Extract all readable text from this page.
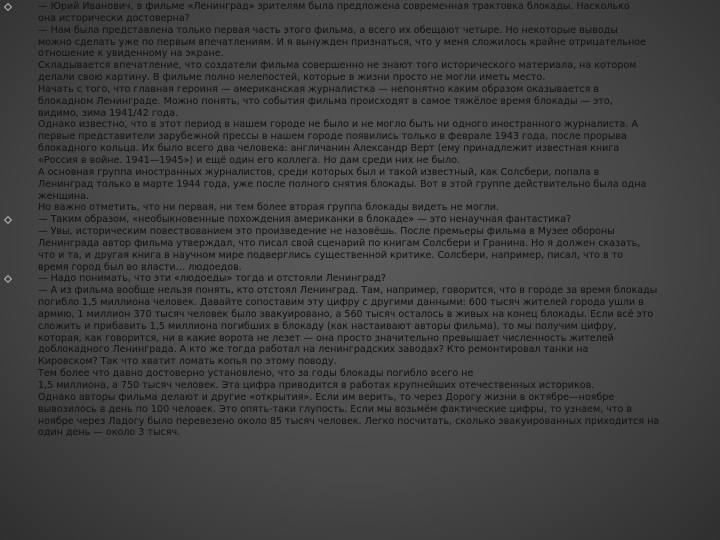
— Юрий Иванович, в фильме «Ленинград» зрителям была предложена современная трактовка блокады. Насколько
она исторически достоверна?
— Нам была представлена только первая часть этого фильма, а всего их обещают четыре. Но некоторые выводы
можно сделать уже по первым впечатлениям. И я вынужден признаться, что у меня сложилось крайне отрицательное
отношение к увиденному на экране.
Складывается впечатление, что создатели фильма совершенно не знают того исторического материала, на котором
делали свою картину. В фильме полно нелепостей, которые в жизни просто не могли иметь место.
Начать с того, что главная героиня — американская журналистка — непонятно каким образом оказывается в
блокадном Ленинграде. Можно понять, что события фильма происходят в самое тяжёлое время блокады — это,
видимо, зима 1941/42 года.
Однако известно, что в этот период в нашем городе не было и не могло быть ни одного иностранного журналиста. А
первые представители зарубежной прессы в нашем городе появились только в феврале 1943 года, после прорыва
блокадного кольца. Их было всего два человека: англичанин Александр Верт (ему принадлежит известная книга
«Россия в войне. 1941—1945») и ещё один его коллега. Но дам среди них не было.
А основная группа иностранных журналистов, среди которых был и такой известный, как Солсбери, попала в
Ленинград только в марте 1944 года, уже после полного снятия блокады. Вот в этой группе действительно была одна
женщина.
Но важно отметить, что ни первая, ни тем более вторая группа блокады видеть не могли.
— Таким образом, «необыкновенные похождения американки в блокаде» — это ненаучная фантастика?
— Увы, историческим повествованием это произведение не назовёшь. После премьеры фильма в Музее обороны
Ленинграда автор фильма утверждал, что писал свой сценарий по книгам Солсбери и Гранина. Но я должен сказать,
что и та, и другая книга в научном мире подверглись существенной критике. Солсбери, например, писал, что в то
время город был во власти… людоедов.
— Надо понимать, что эти «людоеды» тогда и отстояли Ленинград?
— А из фильма вообще нельзя понять, кто отстоял Ленинград. Там, например, говорится, что в городе за время блокады
погибло 1,5 миллиона человек. Давайте сопоставим эту цифру с другими данными: 600 тысяч жителей города ушли в
армию, 1 миллион 370 тысяч человек было эвакуировано, а 560 тысяч осталось в живых на конец блокады. Если всё это
сложить и прибавить 1,5 миллиона погибших в блокаду (как настаивают авторы фильма), то мы получим цифру,
которая, как говорится, ни в какие ворота не лезет — она просто значительно превышает численность жителей
доблокадного Ленинграда. А кто же тогда работал на ленинградских заводах? Кто ремонтировал танки на
Кировском? Так что хватит ломать копья по этому поводу.
Тем более что давно достоверно установлено, что за годы блокады погибло всего не
1,5 миллиона, а 750 тысяч человек. Эта цифра приводится в работах крупнейших отечественных историков.
Однако авторы фильма делают и другие «открытия». Если им верить, то через Дорогу жизни в октябре—ноябре
вывозилось в день по 100 человек. Это опять-таки глупость. Если мы возьмём фактические цифры, то узнаем, что в
ноябре через Ладогу было перевезено около 85 тысяч человек. Легко посчитать, сколько эвакуированных приходится на
один день — около 3 тысяч.
